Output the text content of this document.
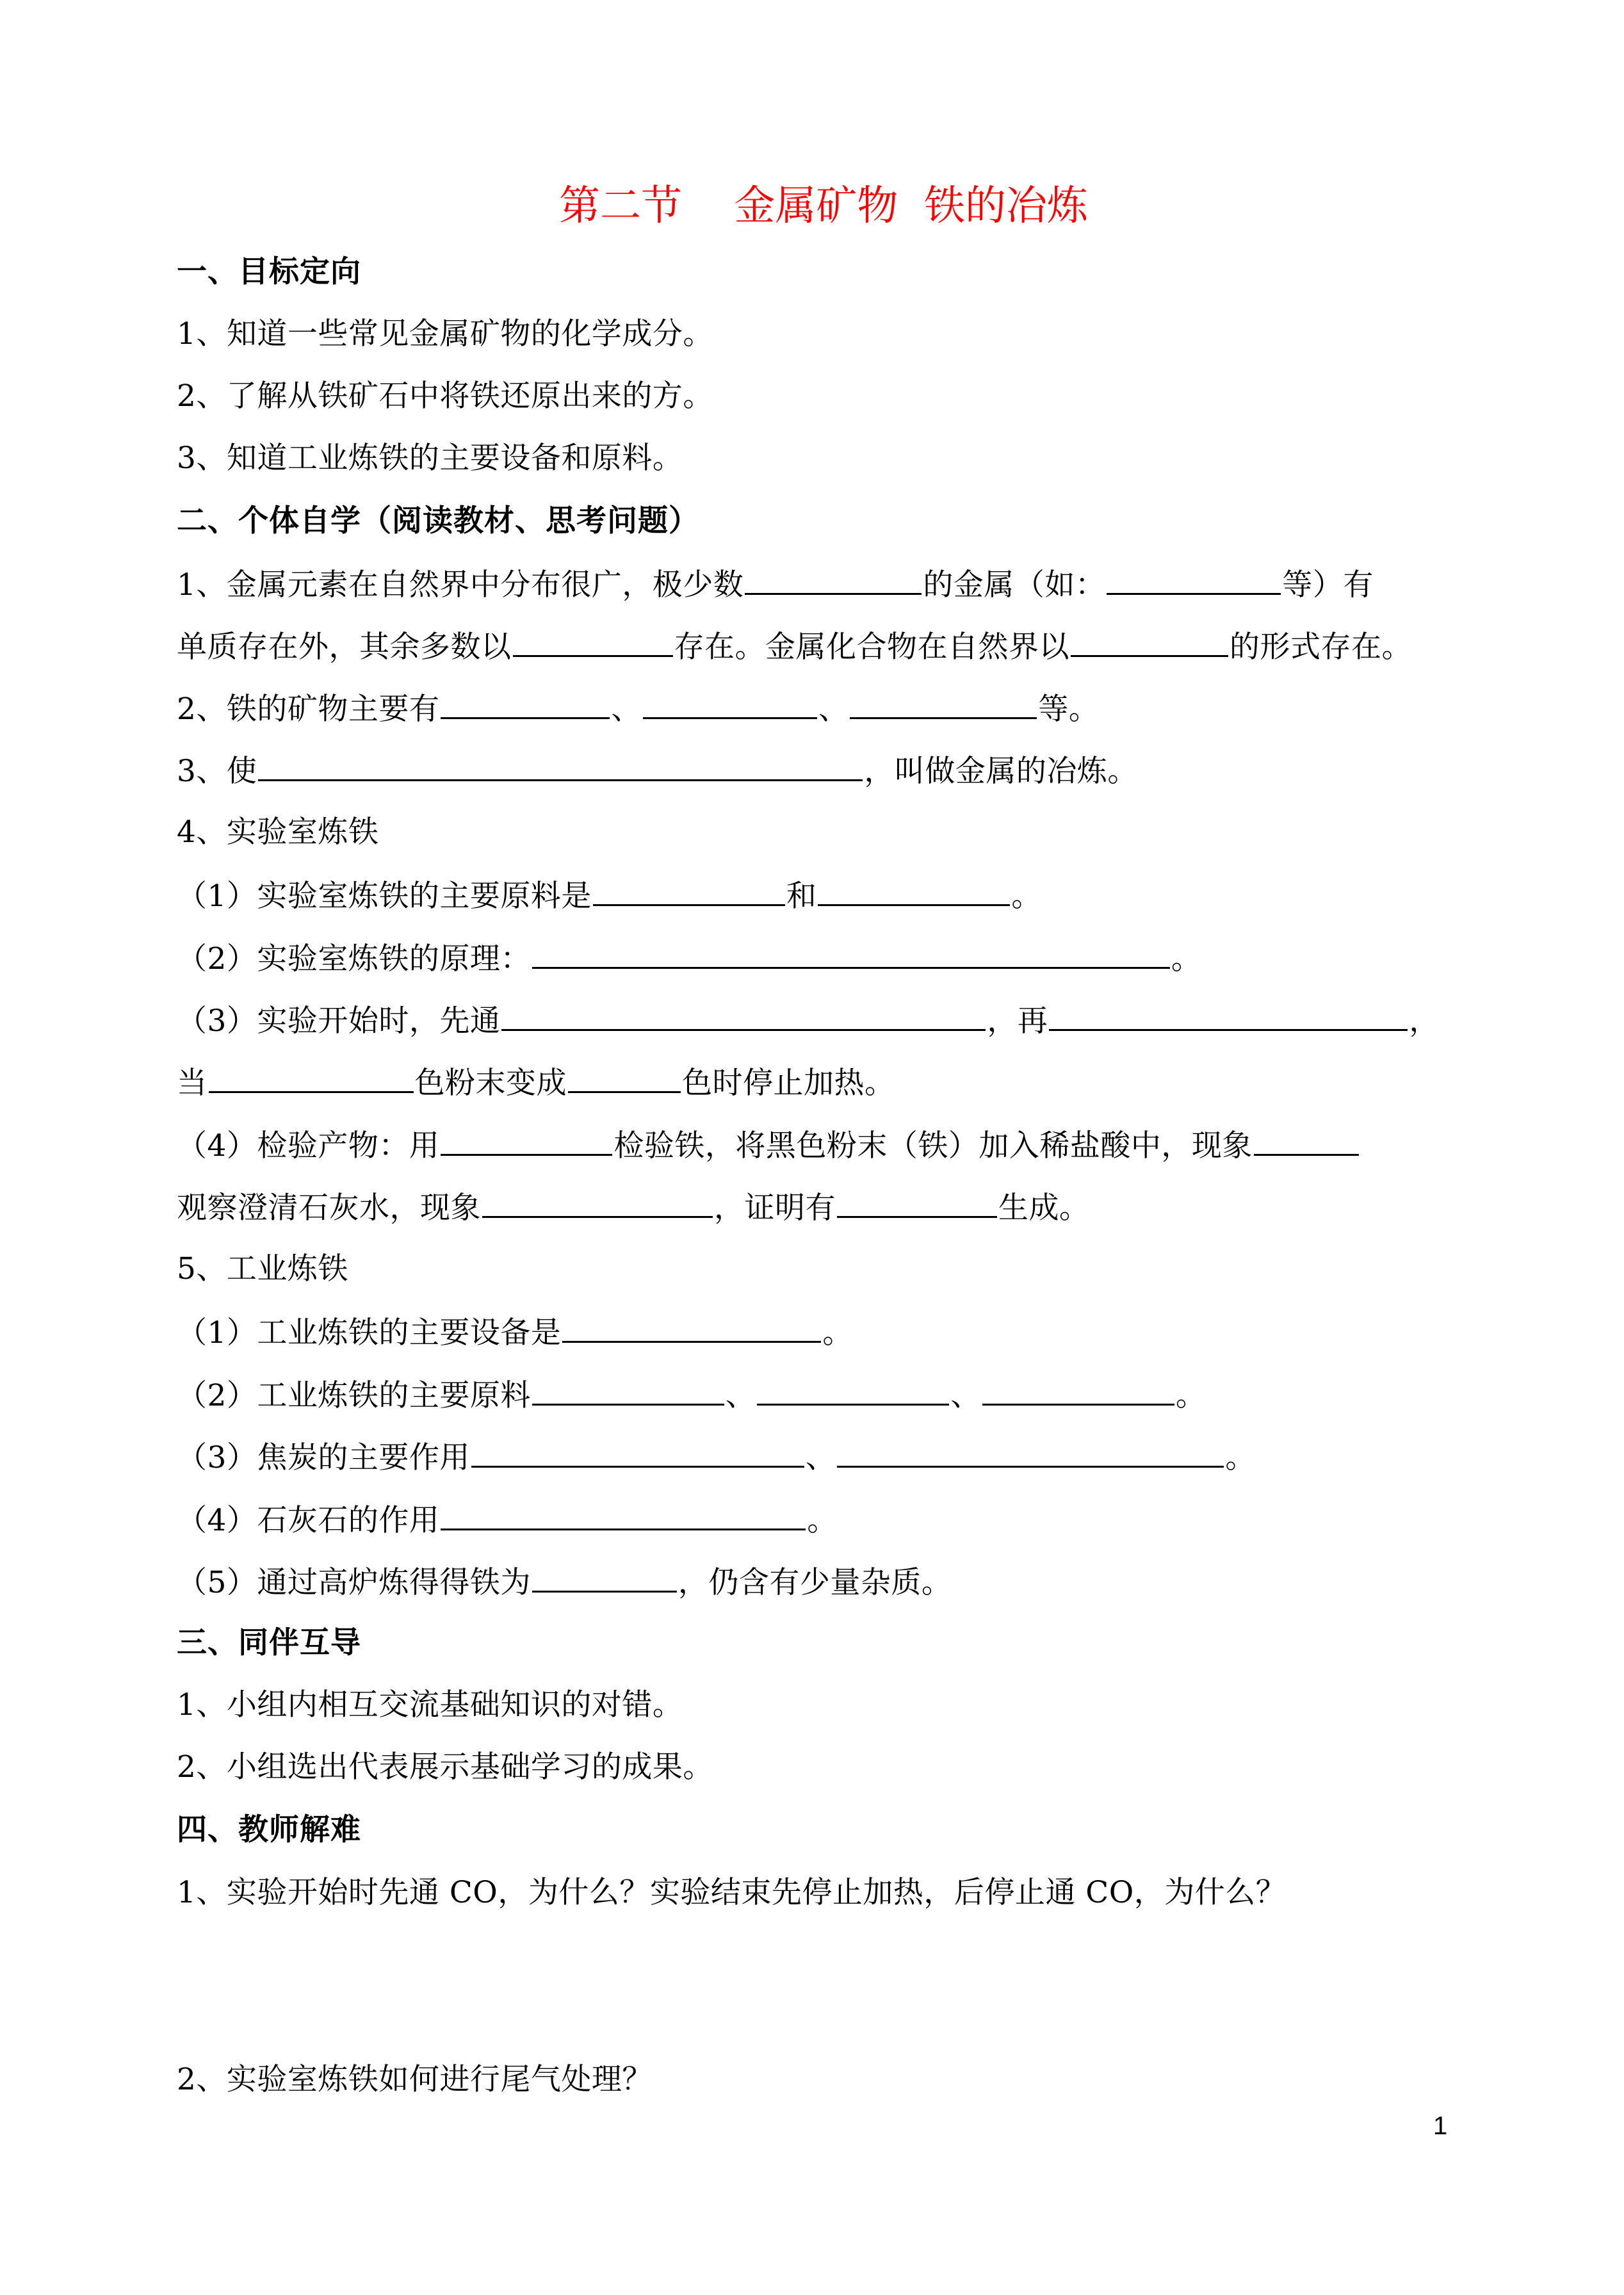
第二节    金属矿物  铁的冶炼
一、目标定向
1、知道一些常见金属矿物的化学成分。
2、了解从铁矿石中将铁还原出来的方。
3、知道工业炼铁的主要设备和原料。
二、个体自学（阅读教材、思考问题）
1、金属元素在自然界中分布很广，极少数	的金属（如：	等）有
单质存在外，其余多数以	存在。金属化合物在自然界以	的形式存在。
2、铁的矿物主要有	、	、	等。
3、使	，叫做金属的冶炼。
4、实验室炼铁
（1）实验室炼铁的主要原料是	和	。
（2）实验室炼铁的原理：	。
（3）实验开始时，先通	，再	，
当	色粉末变成	色时停止加热。
（4）检验产物：用	检验铁，将黑色粉末（铁）加入稀盐酸中，现象
观察澄清石灰水，现象	，证明有	生成。
5、工业炼铁
（1）工业炼铁的主要设备是	。
（2）工业炼铁的主要原料	、	、	。
（3）焦炭的主要作用	、	。
（4）石灰石的作用	。
（5）通过高炉炼得得铁为	，仍含有少量杂质。
三、同伴互导
1、小组内相互交流基础知识的对错。
2、小组选出代表展示基础学习的成果。
四、教师解难
1、实验开始时先通 CO，为什么？实验结束先停止加热，后停止通 CO，为什么？
2、实验室炼铁如何进行尾气处理？
1
